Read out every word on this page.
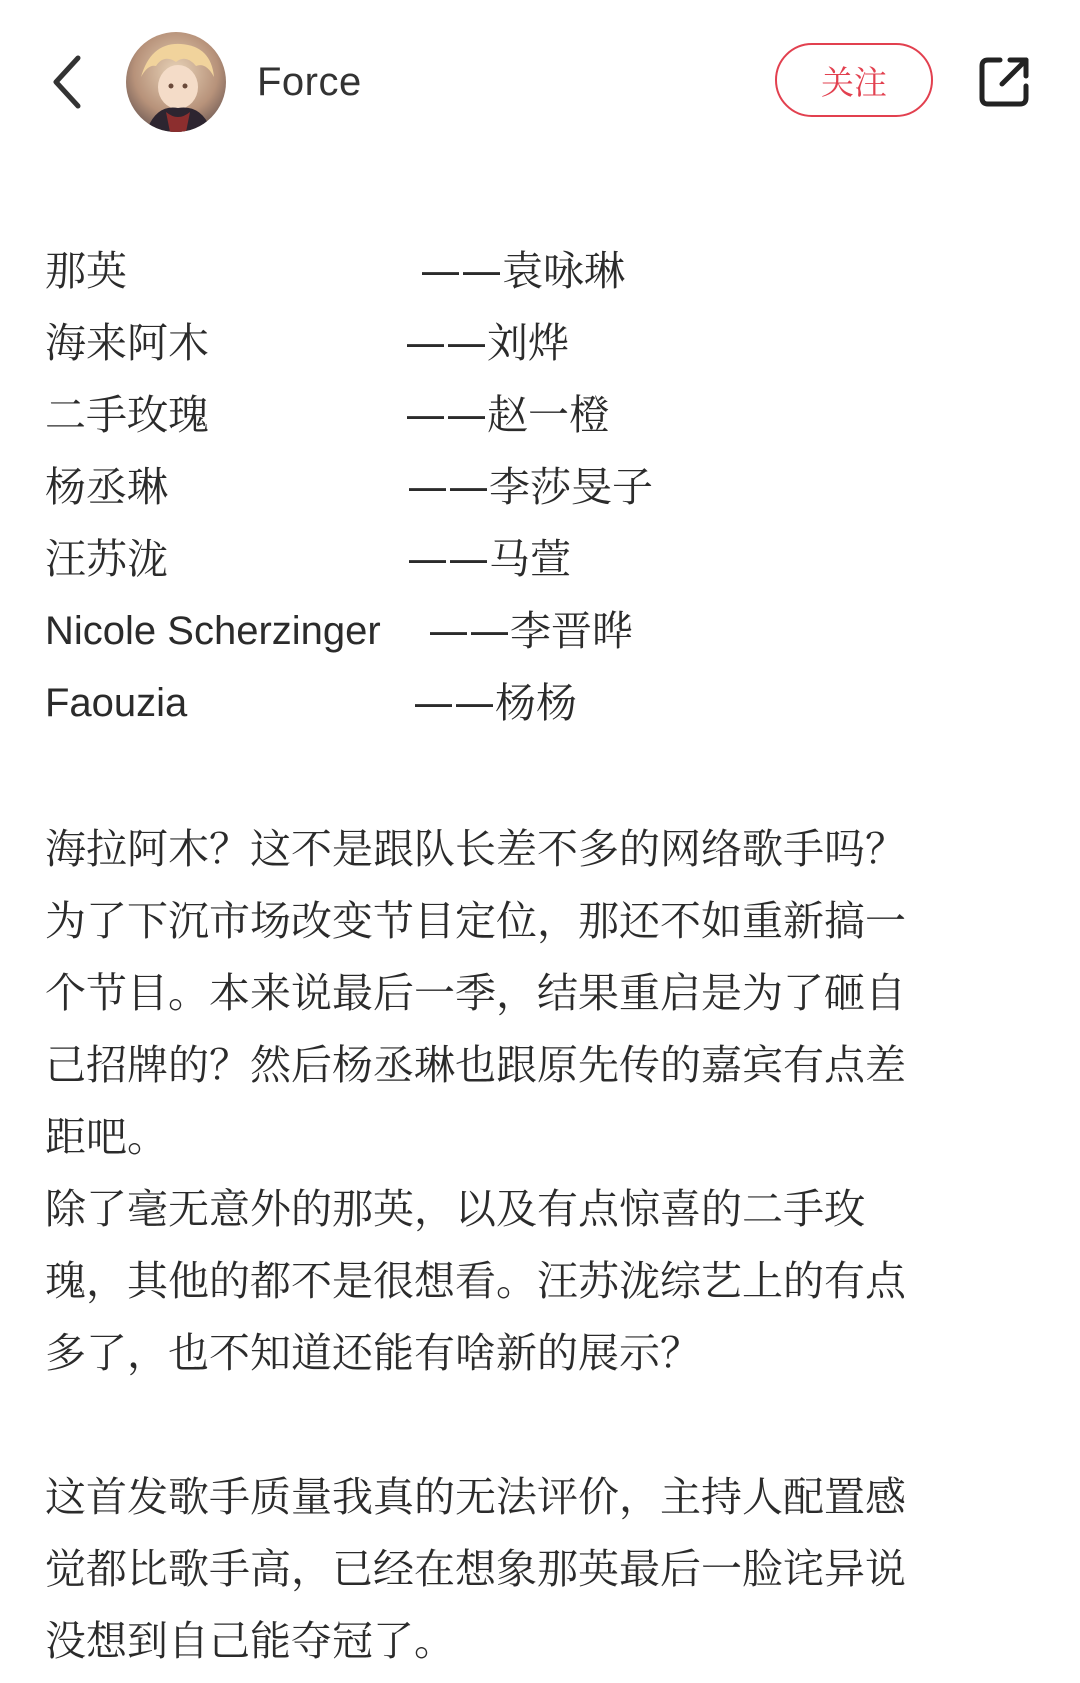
Force	关注
那英	——袁咏琳
海来阿木	——刘烨
二手玫瑰	——赵一橙
杨丞琳	——李莎旻子
汪苏泷	——马萱
Nicole Scherzinger ——李晋晔
Faouzia	——杨杨
海拉阿木？这不是跟队长差不多的网络歌手吗？
为了下沉市场改变节目定位，那还不如重新搞一
个节目。本来说最后一季，结果重启是为了砸自
己招牌的？然后杨丞琳也跟原先传的嘉宾有点差
距吧。
除了毫无意外的那英，以及有点惊喜的二手玫
瑰，其他的都不是很想看。汪苏泷综艺上的有点
多了，也不知道还能有啥新的展示？
这首发歌手质量我真的无法评价，主持人配置感
觉都比歌手高，已经在想象那英最后一脸诧异说
没想到自己能夺冠了。
